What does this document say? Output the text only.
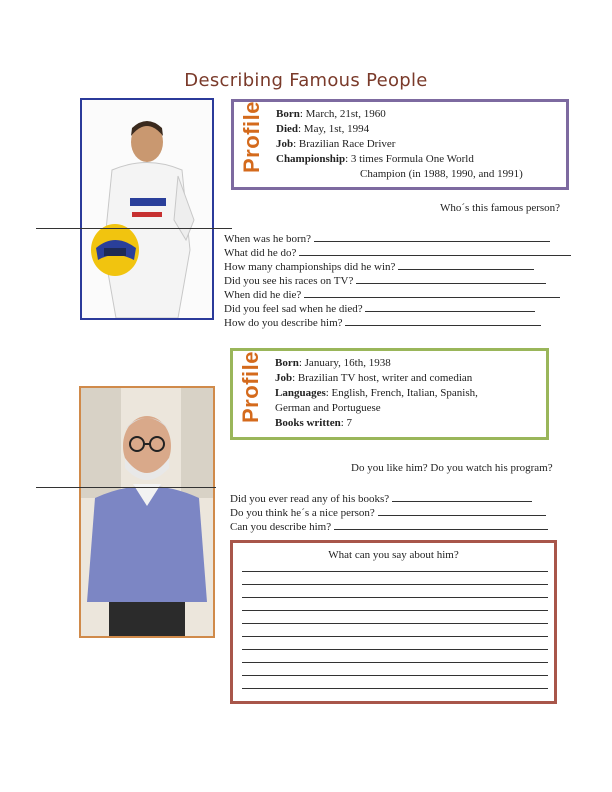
Describing Famous People
Profile Born: March, 21st, 1960
Died: May, 1st, 1994
Job: Brazilian Race Driver
Championship: 3 times Formula One World
Champion (in 1988, 1990, and 1991)
Who´s this famous person?
When was he born?
What did he do?
How many championships did he win?
Did you see his races on TV?
When did he die?
Did you feel sad when he died?
How do you describe him?
Profile Born: January, 16th, 1938
Job: Brazilian TV host, writer and comedian
Languages: English, French, Italian, Spanish,
German and Portuguese
Books written: 7
Do you like him? Do you watch his program?
Did you ever read any of his books?
Do you think he´s a nice person?
Can you describe him?
What can you say about him?
